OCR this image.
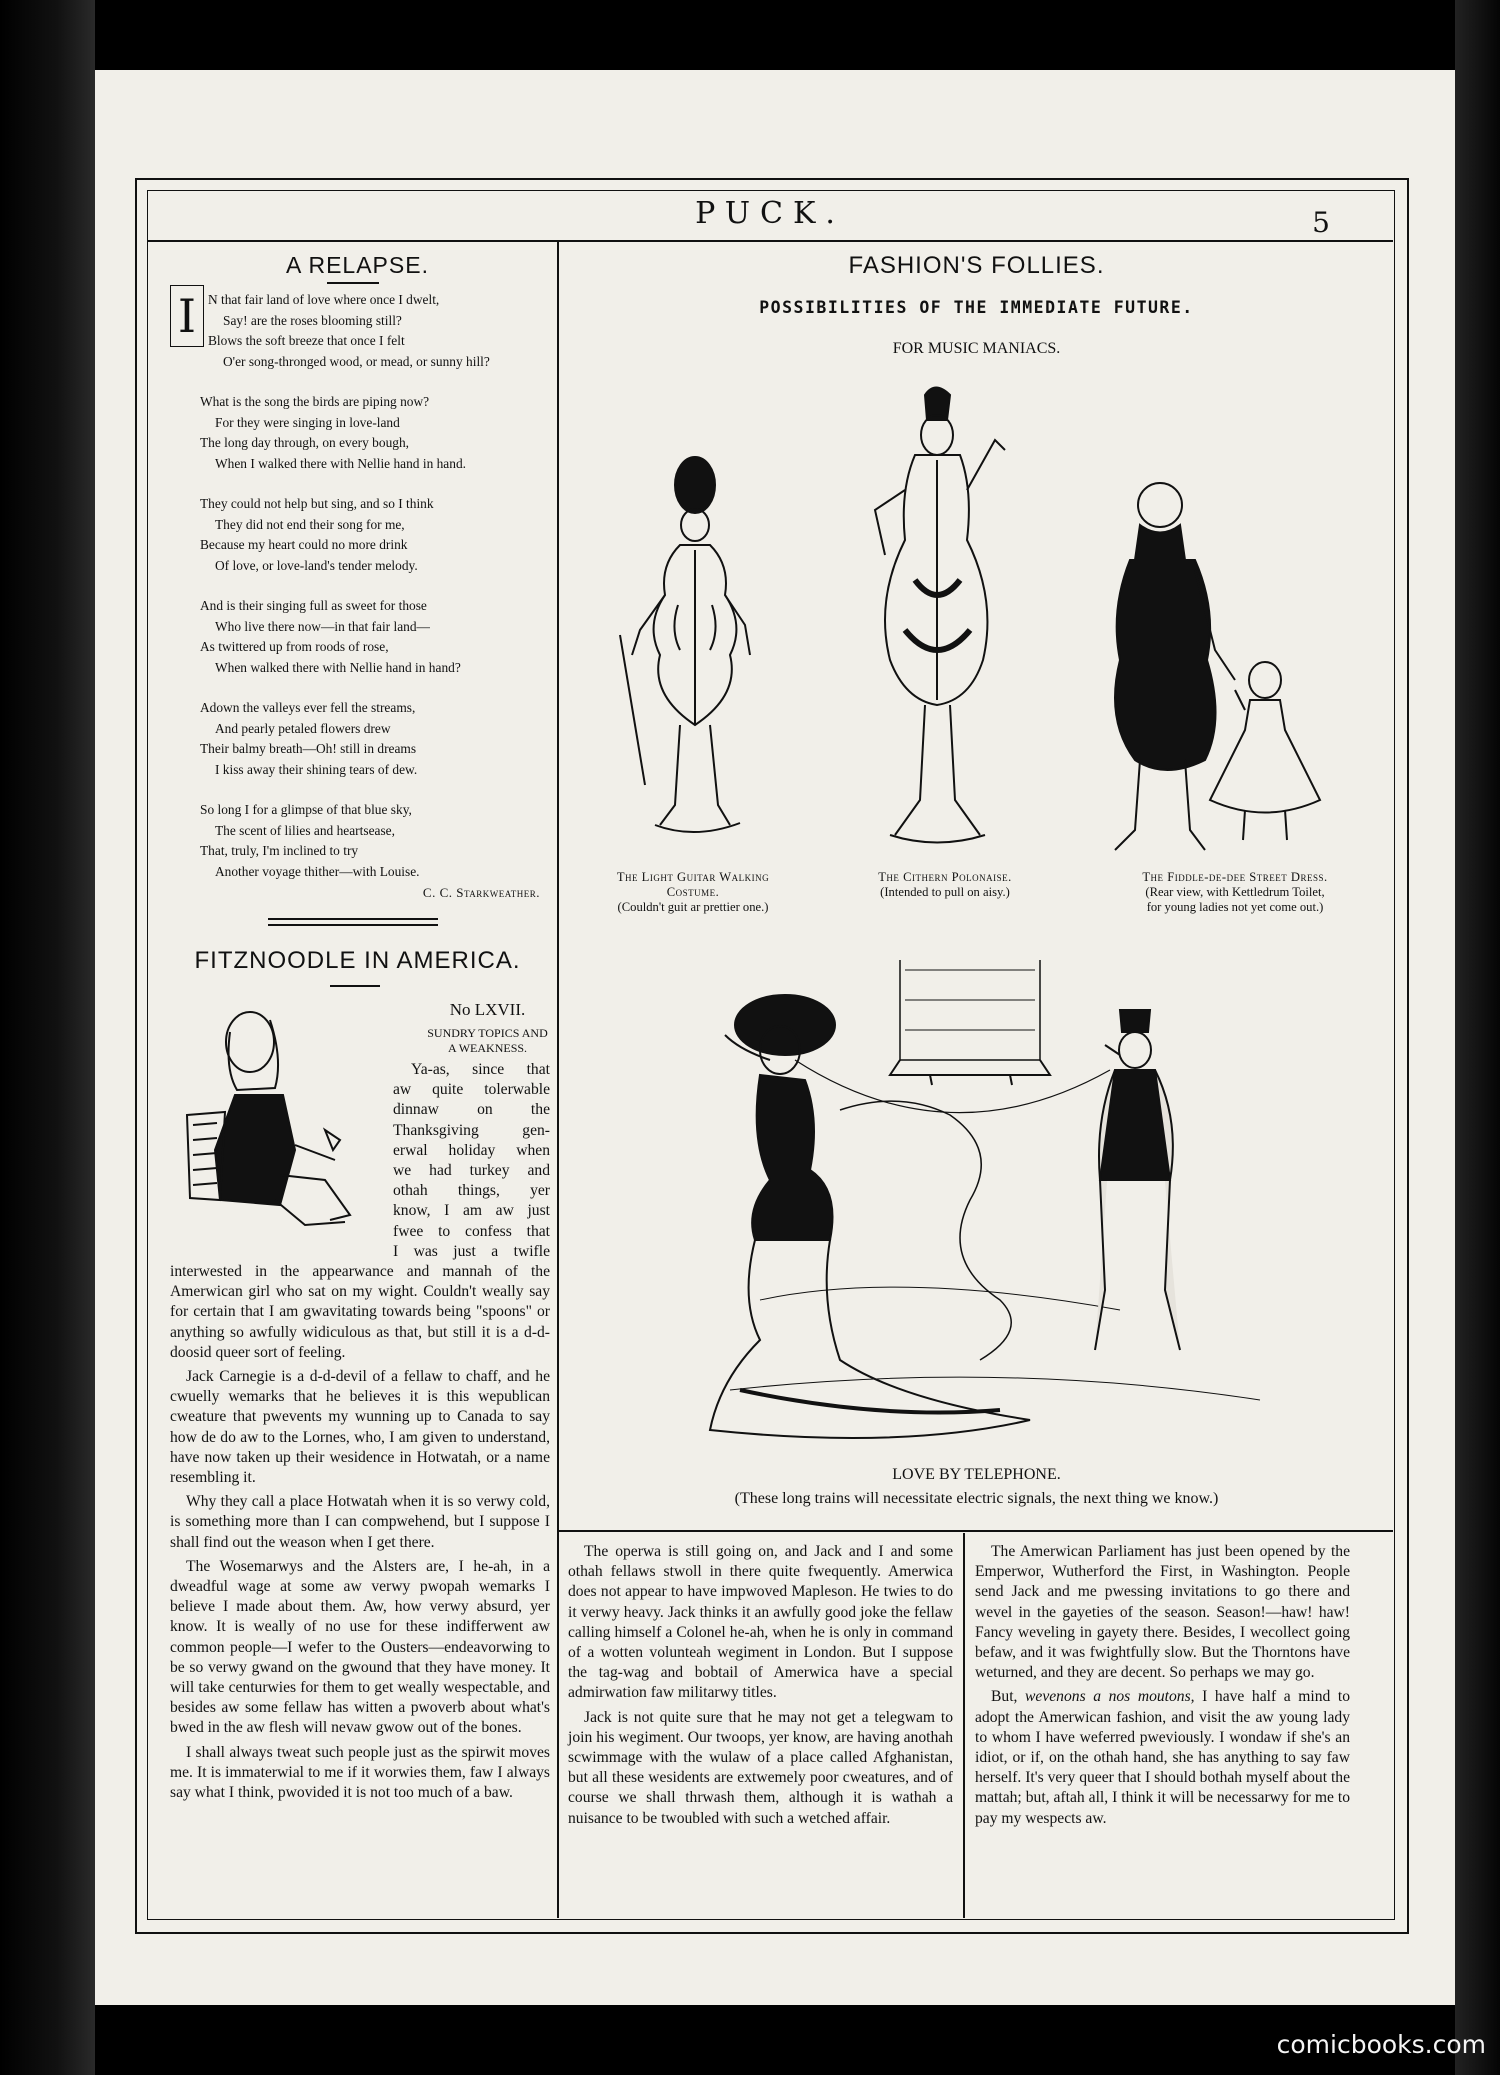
PUCK.	5

A RELAPSE.

I N that fair land of love where once I dwelt,
Say! are the roses blooming still?
Blows the soft breeze that once I felt
O'er song-thronged wood, or mead, or sunny hill?
What is the song the birds are piping now?
For they were singing in love-land
The long day through, on every bough,
When I walked there with Nellie hand in hand.
They could not help but sing, and so I think
They did not end their song for me,
Because my heart could no more drink
Of love, or love-land's tender melody.
And is their singing full as sweet for those
Who live there now—in that fair land—
As twittered up from roods of rose,
When walked there with Nellie hand in hand?
Adown the valleys ever fell the streams,
And pearly petaled flowers drew
Their balmy breath—Oh! still in dreams
I kiss away their shining tears of dew.
So long I for a glimpse of that blue sky,
The scent of lilies and heartsease,
That, truly, I'm inclined to try
Another voyage thither—with Louise.
C. C. Starkweather.

FITZNOODLE IN AMERICA.

No LXVII.
SUNDRY TOPICS AND
A WEAKNESS.
Ya-as, since that
aw quite tolerwable
dinnaw on the
Thanksgiving gen-
erwal holiday when
we had turkey and
othah things, yer
know, I am aw just
fwee to confess that
I was just a twifle

interwested in the appearwance and mannah of the Amerwican girl who sat on my wight. Couldn't weally say for certain that I am gwavitating towards being "spoons" or anything so awfully widiculous as that, but still it is a d-d-doosid queer sort of feeling.

Jack Carnegie is a d-d-devil of a fellaw to chaff, and he cwuelly wemarks that he believes it is this wepublican cweature that pwevents my wunning up to Canada to say how de do aw to the Lornes, who, I am given to understand, have now taken up their wesidence in Hotwatah, or a name resembling it.

Why they call a place Hotwatah when it is so verwy cold, is something more than I can compwehend, but I suppose I shall find out the weason when I get there.

The Wosemarwys and the Alsters are, I he-ah, in a dweadful wage at some aw verwy pwopah wemarks I believe I made about them. Aw, how verwy absurd, yer know. It is weally of no use for these indifferwent aw common people—I wefer to the Ousters—endeavorwing to be so verwy gwand on the gwound that they have money. It will take centurwies for them to get weally wespectable, and besides aw some fellaw has witten a pwoverb about what's bwed in the aw flesh will nevaw gwow out of the bones.

I shall always tweat such people just as the spirwit moves me. It is immaterwial to me if it worwies them, faw I always say what I think, pwovided it is not too much of a baw.

FASHION'S FOLLIES.

POSSIBILITIES OF THE IMMEDIATE FUTURE.
FOR MUSIC MANIACS.
The Light Guitar Walking
Costume.
(Couldn't guit ar prettier one.)
The Cithern Polonaise.
(Intended to pull on aisy.)
The Fiddle-de-dee Street Dress.
(Rear view, with Kettledrum Toilet,
for young ladies not yet come out.)
LOVE BY TELEPHONE.
(These long trains will necessitate electric signals, the next thing we know.)

The operwa is still going on, and Jack and I and some othah fellaws stwoll in there quite fwequently. Amerwica does not appear to have impwoved Mapleson. He twies to do it verwy heavy. Jack thinks it an awfully good joke the fellaw calling himself a Colonel he-ah, when he is only in command of a wotten volunteah wegiment in London. But I suppose the tag-wag and bobtail of Amerwica have a special admirwation faw militarwy titles.

Jack is not quite sure that he may not get a telegwam to join his wegiment. Our twoops, yer know, are having anothah scwimmage with the wulaw of a place called Afghanistan, but all these wesidents are extwemely poor cweatures, and of course we shall thrwash them, although it is wathah a nuisance to be twoubled with such a wetched affair.

The Amerwican Parliament has just been opened by the Emperwor, Wutherford the First, in Washington. People send Jack and me pwessing invitations to go there and wevel in the gayeties of the season. Season!—haw! haw! Fancy weveling in gayety there. Besides, I wecollect going befaw, and it was fwightfully slow. But the Thorntons have weturned, and they are decent. So perhaps we may go.

But, wevenons a nos moutons, I have half a mind to adopt the Amerwican fashion, and visit the aw young lady to whom I have weferred pweviously. I wondaw if she's an idiot, or if, on the othah hand, she has anything to say faw herself. It's very queer that I should bothah myself about the mattah; but, aftah all, I think it will be necessarwy for me to pay my wespects aw.

comicbooks.com
